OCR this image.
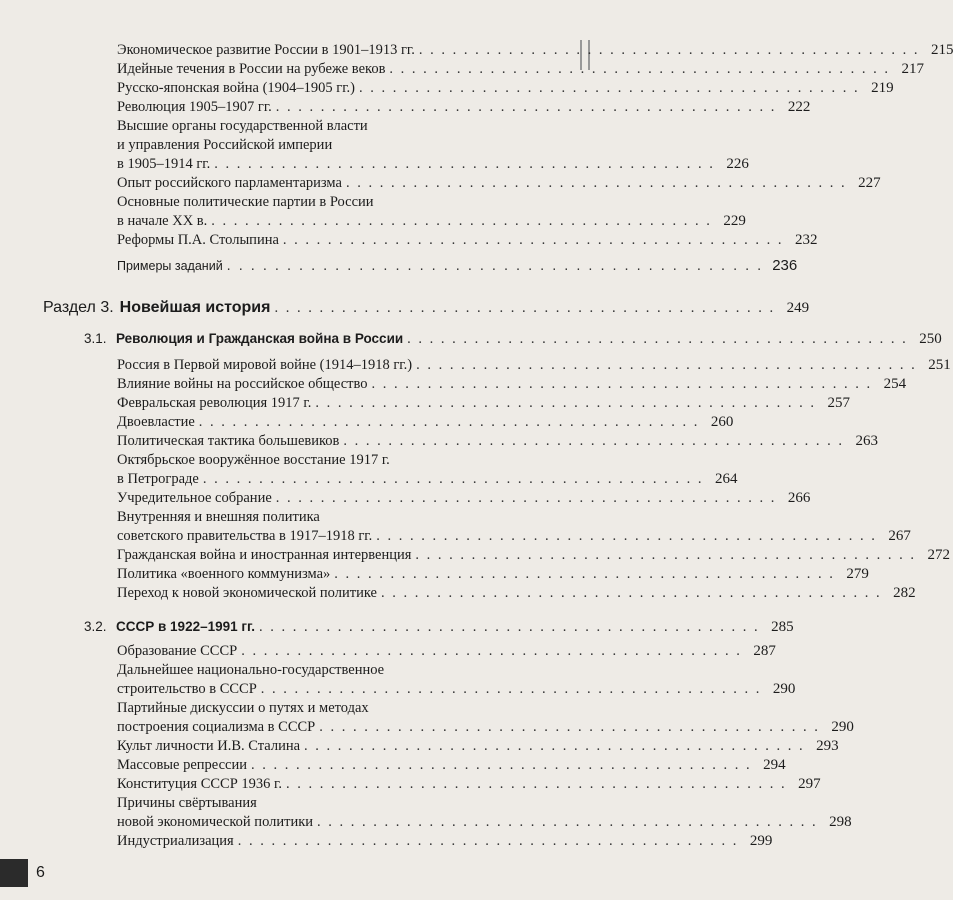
Экономическое развитие России в 1901–1913 гг. . . . . . . . . . . . . . . . . . . . . . . . . . . . . . . . . . . . . . . . . . . . . . 215
Идейные течения в России на рубеже веков . . . . . . . . . . . . . . . . . . . . . . . . . . . . . . . . . . . . . . . . . . . . . 217
Русско-японская война (1904–1905 гг.) . . . . . . . . . . . . . . . . . . . . . . . . . . . . . . . . . . . . . . . . . . . . . 219
Революция 1905–1907 гг. . . . . . . . . . . . . . . . . . . . . . . . . . . . . . . . . . . . . . . . . . . . . . 222
Высшие органы государственной власти
и управления Российской империи
в 1905–1914 гг. . . . . . . . . . . . . . . . . . . . . . . . . . . . . . . . . . . . . . . . . . . . . . 226
Опыт российского парламентаризма . . . . . . . . . . . . . . . . . . . . . . . . . . . . . . . . . . . . . . . . . . . . . 227
Основные политические партии в России
в начале XX в. . . . . . . . . . . . . . . . . . . . . . . . . . . . . . . . . . . . . . . . . . . . . . 229
Реформы П.А. Столыпина . . . . . . . . . . . . . . . . . . . . . . . . . . . . . . . . . . . . . . . . . . . . . 232
Примеры заданий . . . . . . . . . . . . . . . . . . . . . . . . . . . . . . . . . . . . . . . . . . . . . 236
Раздел 3. Новейшая история . . . . . . . . . . . . . . . . . . . . . . . . . . . . . . . . . . . . . . . . . . . . . 249
3.1. Революция и Гражданская война в России . . . . . . . . . . . . . . . . . . . . . . . . . . . . . . . . . . . . . . . . . . . . . 250
Россия в Первой мировой войне (1914–1918 гг.) . . . . . . . . . . . . . . . . . . . . . . . . . . . . . . . . . . . . . . . . . . . . . 251
Влияние войны на российское общество . . . . . . . . . . . . . . . . . . . . . . . . . . . . . . . . . . . . . . . . . . . . . 254
Февральская революция 1917 г. . . . . . . . . . . . . . . . . . . . . . . . . . . . . . . . . . . . . . . . . . . . . . 257
Двоевластие . . . . . . . . . . . . . . . . . . . . . . . . . . . . . . . . . . . . . . . . . . . . . 260
Политическая тактика большевиков . . . . . . . . . . . . . . . . . . . . . . . . . . . . . . . . . . . . . . . . . . . . . 263
Октябрьское вооружённое восстание 1917 г.
в Петрограде . . . . . . . . . . . . . . . . . . . . . . . . . . . . . . . . . . . . . . . . . . . . . 264
Учредительное собрание . . . . . . . . . . . . . . . . . . . . . . . . . . . . . . . . . . . . . . . . . . . . . 266
Внутренняя и внешняя политика
советского правительства в 1917–1918 гг. . . . . . . . . . . . . . . . . . . . . . . . . . . . . . . . . . . . . . . . . . . . . . 267
Гражданская война и иностранная интервенция . . . . . . . . . . . . . . . . . . . . . . . . . . . . . . . . . . . . . . . . . . . . . 272
Политика «военного коммунизма» . . . . . . . . . . . . . . . . . . . . . . . . . . . . . . . . . . . . . . . . . . . . . 279
Переход к новой экономической политике . . . . . . . . . . . . . . . . . . . . . . . . . . . . . . . . . . . . . . . . . . . . . 282
3.2. СССР в 1922–1991 гг. . . . . . . . . . . . . . . . . . . . . . . . . . . . . . . . . . . . . . . . . . . . . . 285
Образование СССР . . . . . . . . . . . . . . . . . . . . . . . . . . . . . . . . . . . . . . . . . . . . . 287
Дальнейшее национально-государственное
строительство в СССР . . . . . . . . . . . . . . . . . . . . . . . . . . . . . . . . . . . . . . . . . . . . . 290
Партийные дискуссии о путях и методах
построения социализма в СССР . . . . . . . . . . . . . . . . . . . . . . . . . . . . . . . . . . . . . . . . . . . . . 290
Культ личности И.В. Сталина . . . . . . . . . . . . . . . . . . . . . . . . . . . . . . . . . . . . . . . . . . . . . 293
Массовые репрессии . . . . . . . . . . . . . . . . . . . . . . . . . . . . . . . . . . . . . . . . . . . . . 294
Конституция СССР 1936 г. . . . . . . . . . . . . . . . . . . . . . . . . . . . . . . . . . . . . . . . . . . . . . 297
Причины свёртывания
новой экономической политики . . . . . . . . . . . . . . . . . . . . . . . . . . . . . . . . . . . . . . . . . . . . . 298
Индустриализация . . . . . . . . . . . . . . . . . . . . . . . . . . . . . . . . . . . . . . . . . . . . . 299
6
